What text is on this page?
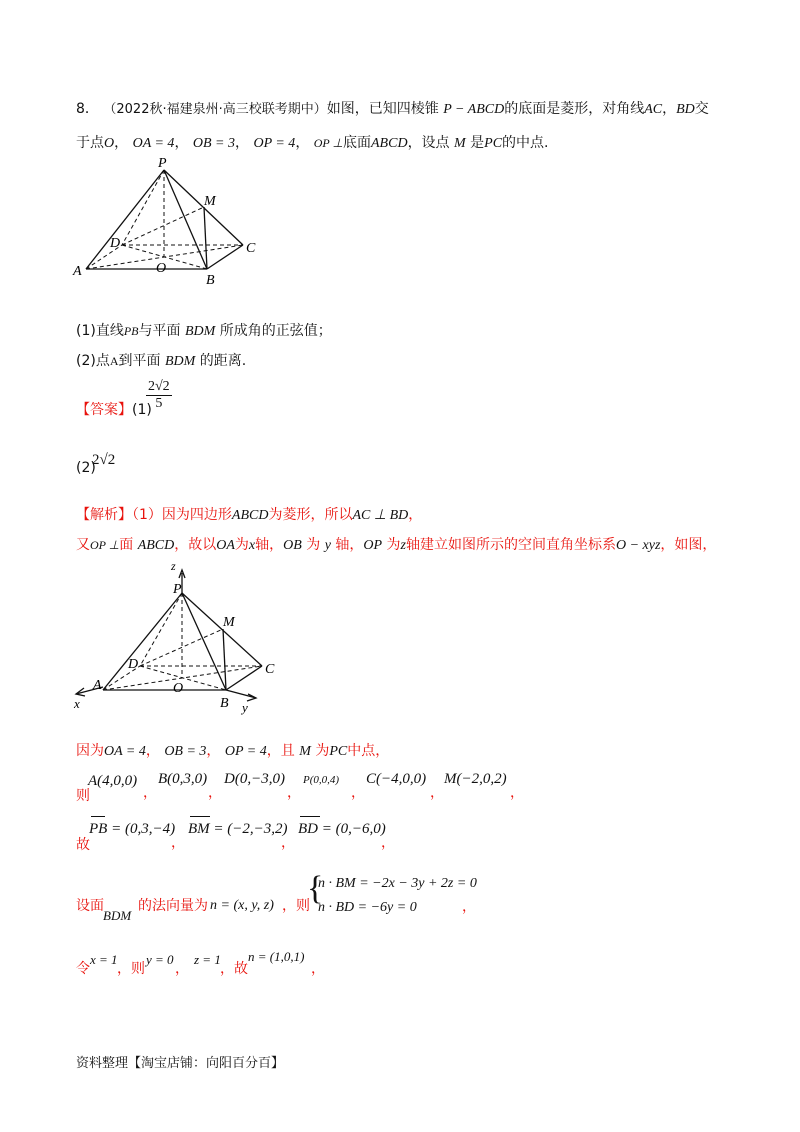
8． （2022秋·福建泉州·高三校联考期中）如图，已知四棱锥 P − ABCD的底面是菱形，对角线AC，BD交
于点O， OA = 4， OB = 3， OP = 4， OP ⊥底面ABCD，设点 M 是PC的中点.
P
M
D	C
A	O
B
(1)直线PB与平面 BDM 所成角的正弦值；
(2)点A到平面 BDM 的距离.
【答案】(1)
$\frac{2√2}{5}$
(2)
2√2
【解析】（1）因为四边形ABCD为菱形，所以AC ⊥ BD，
又OP ⊥面 ABCD，故以OA为x轴，OB 为 y 轴，OP 为z轴建立如图所示的空间直角坐标系O − xyz，如图，
z
P
M
D	C
A	O
B
x	y
因为OA = 4， OB = 3， OP = 4，且 M 为PC中点，
则
A(4,0,0)
，
B(0,3,0)
，
D(0,−3,0)
，
P(0,0,4)
，
C(−4,0,0)
，
M(−2,0,2)
，
故
PB = (0,3,−4)
，
BM = (−2,−3,2)
，
BD = (0,−6,0)
，
设面
BDM
的法向量为 n = (x, y, z) ，则
{
n · BM = −2x − 3y + 2z = 0
n · BD = −6y = 0	，
令
x = 1
，则
y = 0
，
z = 1
，故
n = (1,0,1)
，
资料整理【淘宝店铺：向阳百分百】
